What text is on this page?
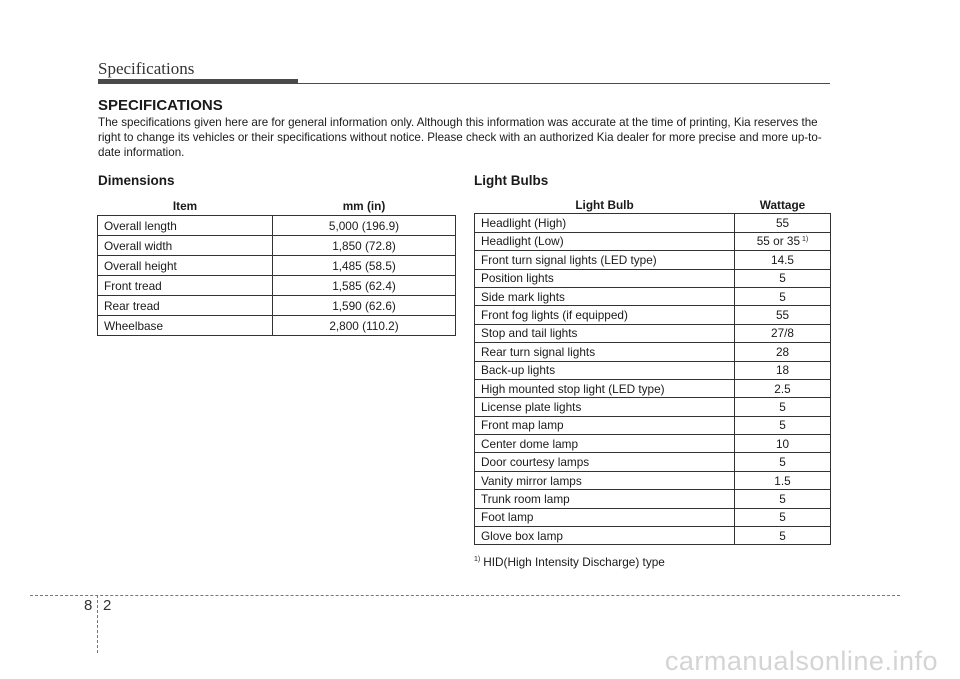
Specifications
SPECIFICATIONS

The specifications given here are for general information only. Although this information was accurate at the time of printing, Kia reserves the right to change its vehicles or their specifications without notice. Please check with an authorized Kia dealer for more precise and more up-to-date information.

Dimensions
Item	mm (in)
Overall length	5,000 (196.9)
Overall width	1,850 (72.8)
Overall height	1,485 (58.5)
Front tread	1,585 (62.4)
Rear tread	1,590 (62.6)
Wheelbase	2,800 (110.2)
Light Bulbs
Light Bulb	Wattage
Headlight (High)	55
Headlight (Low)	55 or 35 $^{1)}$
Front turn signal lights (LED type)	14.5
Position lights	5
Side mark lights	5
Front fog lights (if equipped)	55
Stop and tail lights	27/8
Rear turn signal lights	28
Back-up lights	18
High mounted stop light (LED type)	2.5
License plate lights	5
Front map lamp	5
Center dome lamp	10
Door courtesy lamps	5
Vanity mirror lamps	1.5
Trunk room lamp	5
Foot lamp	5
Glove box lamp	5
$^{1)}$ HID(High Intensity Discharge) type
8 2
carmanualsonline.info
